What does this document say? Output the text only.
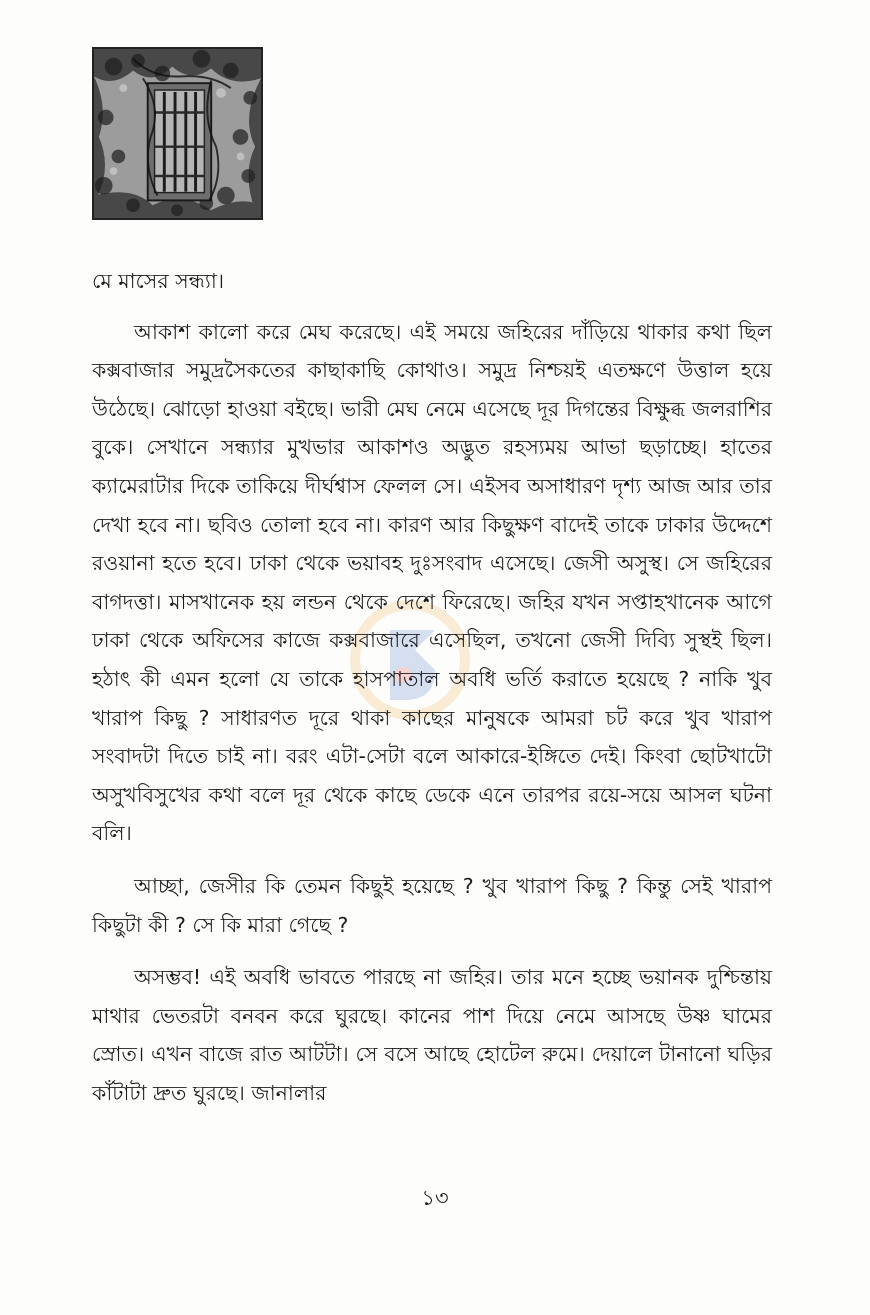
মে মাসের সন্ধ্যা।

আকাশ কালো করে মেঘ করেছে। এই সময়ে জহিরের দাঁড়িয়ে থাকার কথা ছিল কক্সবাজার সমুদ্রসৈকতের কাছাকাছি কোথাও। সমুদ্র নিশ্চয়ই এতক্ষণে উত্তাল হয়ে উঠেছে। ঝোড়ো হাওয়া বইছে। ভারী মেঘ নেমে এসেছে দূর দিগন্তের বিক্ষুব্ধ জলরাশির বুকে। সেখানে সন্ধ্যার মুখভার আকাশও অদ্ভুত রহস্যময় আভা ছড়াচ্ছে। হাতের ক্যামেরাটার দিকে তাকিয়ে দীর্ঘশ্বাস ফেলল সে। এইসব অসাধারণ দৃশ্য আজ আর তার দেখা হবে না। ছবিও তোলা হবে না। কারণ আর কিছুক্ষণ বাদেই তাকে ঢাকার উদ্দেশে রওয়ানা হতে হবে। ঢাকা থেকে ভয়াবহ দুঃসংবাদ এসেছে। জেসী অসুস্থ। সে জহিরের বাগদত্তা। মাসখানেক হয় লন্ডন থেকে দেশে ফিরেছে। জহির যখন সপ্তাহখানেক আগে ঢাকা থেকে অফিসের কাজে কক্সবাজারে এসেছিল, তখনো জেসী দিব্যি সুস্থই ছিল। হঠাৎ কী এমন হলো যে তাকে হাসপাতাল অবধি ভর্তি করাতে হয়েছে ? নাকি খুব খারাপ কিছু ? সাধারণত দূরে থাকা কাছের মানুষকে আমরা চট করে খুব খারাপ সংবাদটা দিতে চাই না। বরং এটা-সেটা বলে আকারে-ইঙ্গিতে দেই। কিংবা ছোটখাটো অসুখবিসুখের কথা বলে দূর থেকে কাছে ডেকে এনে তারপর রয়ে-সয়ে আসল ঘটনা বলি।

আচ্ছা, জেসীর কি তেমন কিছুই হয়েছে ? খুব খারাপ কিছু ? কিন্তু সেই খারাপ কিছুটা কী ? সে কি মারা গেছে ?

অসম্ভব! এই অবধি ভাবতে পারছে না জহির। তার মনে হচ্ছে ভয়ানক দুশ্চিন্তায় মাথার ভেতরটা বনবন করে ঘুরছে। কানের পাশ দিয়ে নেমে আসছে উষ্ণ ঘামের স্রোত। এখন বাজে রাত আটটা। সে বসে আছে হোটেল রুমে। দেয়ালে টানানো ঘড়ির কাঁটাটা দ্রুত ঘুরছে। জানালার

১৩
